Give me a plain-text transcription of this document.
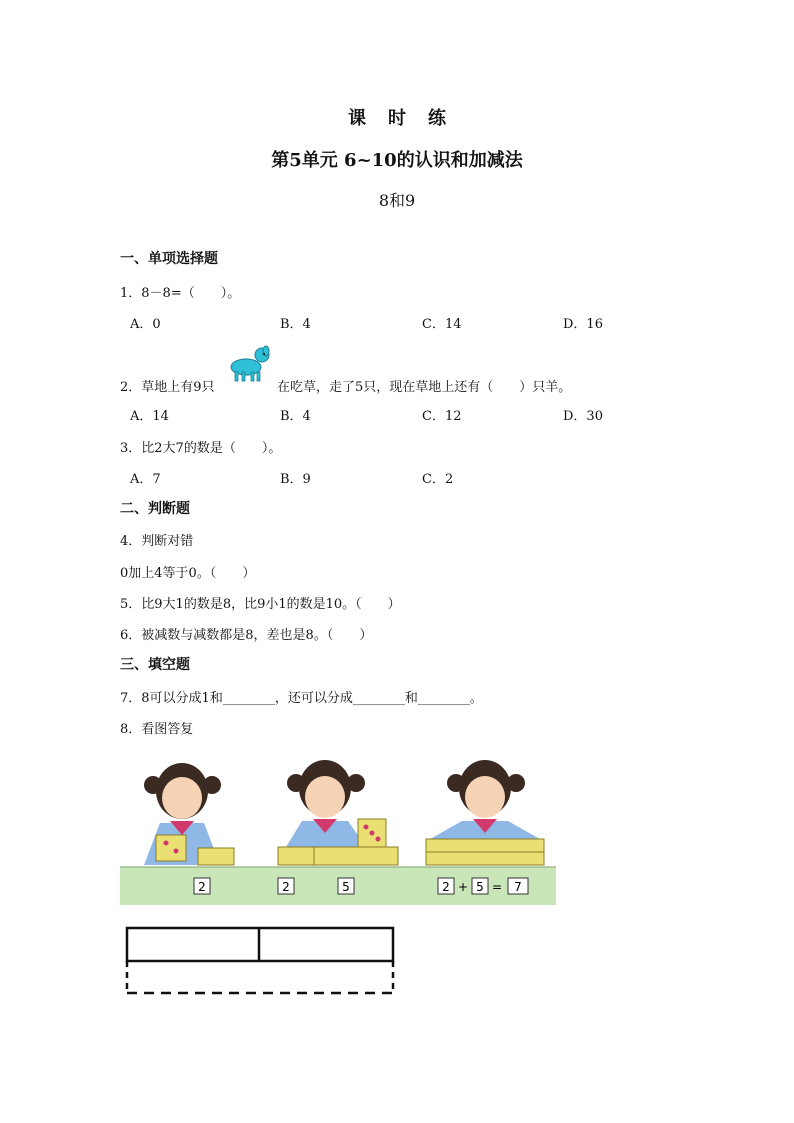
课时练
第5单元 6~10的认识和加减法
8和9
一、单项选择题
1．8－8=（　　）。
A．0	B．4	C．14	D．16
2．草地上有9只	在吃草，走了5只，现在草地上还有（　　）只羊。
A．14	B．4	C．12	D．30
3．比2大7的数是（　　）。
A．7	B．9	C．2
二、判断题
4．判断对错
0加上4等于0。（　　）
5．比9大1的数是8，比9小1的数是10。（　　）
6．被减数与减数都是8，差也是8。（　　）
三、填空题
7．8可以分成1和________，还可以分成________和________。
8．看图答复
2	2	5	2 + 5 = 7
